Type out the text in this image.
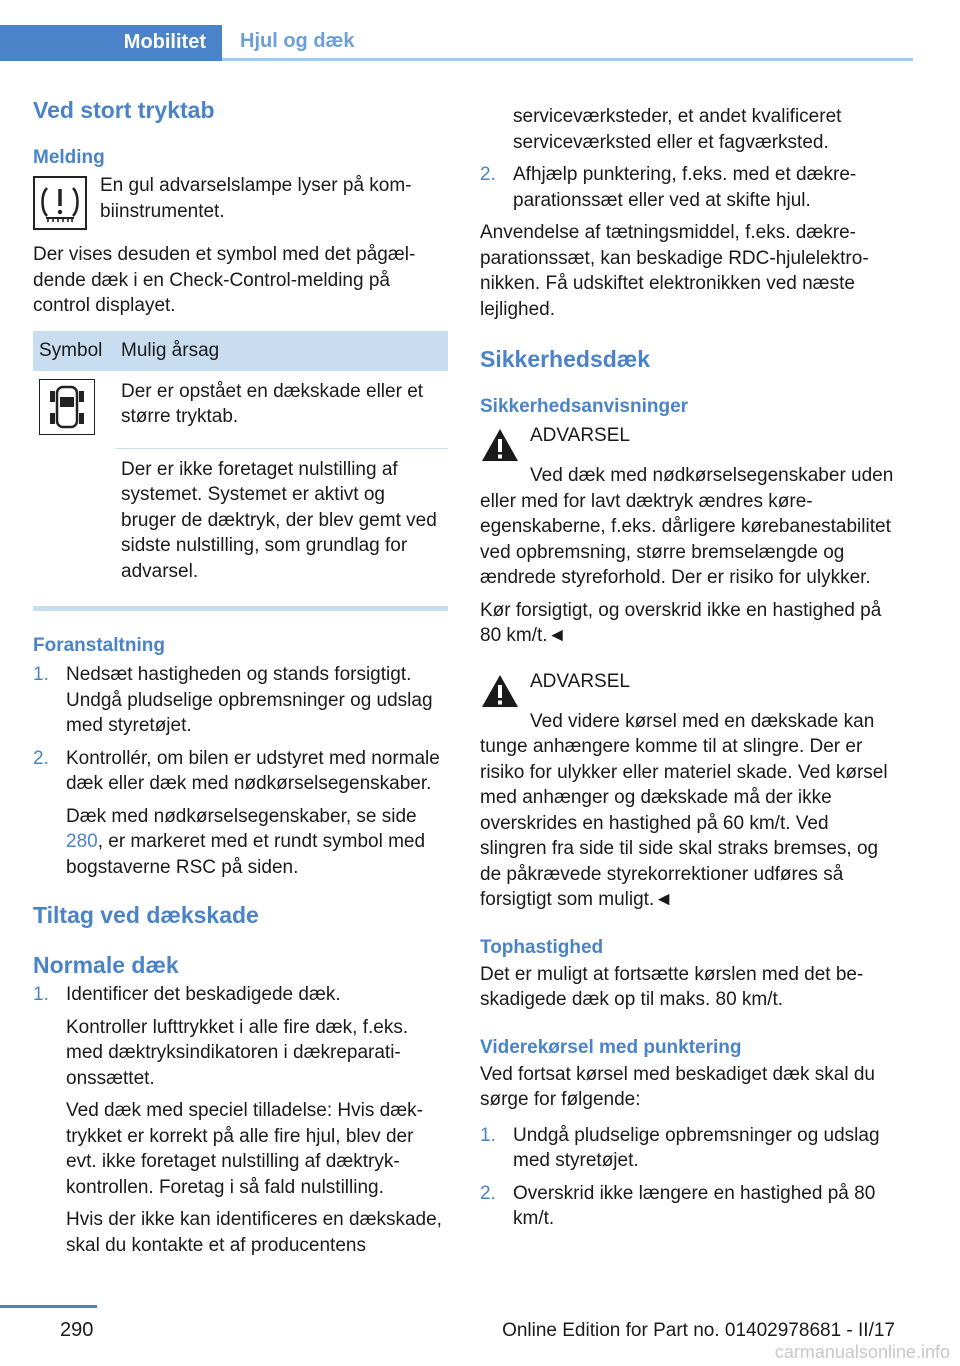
Mobilitet	Hjul og dæk
Ved stort tryktab
Melding

En gul advarselslampe lyser på kombiinstrumentet.

Der vises desuden et symbol med det pågældende dæk i en Check-Control-melding på control displayet.

Symbol	Mulig årsag

	Der er opstået en dækskade eller et større tryktab.
	Der er ikke foretaget nulstilling af systemet. Systemet er aktivt og bruger de dæktryk, der blev gemt ved sidste nulstilling, som grundlag for advarsel.
Foranstaltning
1. Nedsæt hastigheden og stands forsigtigt. Undgå pludselige opbremsninger og udslag med styretøjet.
2. Kontrollér, om bilen er udstyret med normale dæk eller dæk med nødkørselsegenskaber.
Dæk med nødkørselsegenskaber, se side 280, er markeret med et rundt symbol med bogstaverne RSC på siden.
Tiltag ved dækskade
Normale dæk
1. Identificer det beskadigede dæk.
Kontroller lufttrykket i alle fire dæk, f.eks. med dæktryksindikatoren i dækreparationssættet.
Ved dæk med speciel tilladelse: Hvis dæktrykket er korrekt på alle fire hjul, blev der evt. ikke foretaget nulstilling af dæktrykkontrollen. Foretag i så fald nulstilling.
Hvis der ikke kan identificeres en dækskade, skal du kontakte et af producentens
serviceværksteder, et andet kvalificeret serviceværksted eller et fagværksted.
2. Afhjælp punktering, f.eks. med et dækreparationssæt eller ved at skifte hjul.

Anvendelse af tætningsmiddel, f.eks. dækreparationssæt, kan beskadige RDC-hjulelektronikken. Få udskiftet elektronikken ved næste lejlighed.

Sikkerhedsdæk
Sikkerhedsanvisninger
ADVARSEL

Ved dæk med nødkørselsegenskaber uden eller med for lavt dæktryk ændres køreegenskaberne, f.eks. dårligere kørebanestabilitet ved opbremsning, større bremselængde og ændrede styreforhold. Der er risiko for ulykker.

Kør forsigtigt, og overskrid ikke en hastighed på 80 km/t.◄

ADVARSEL

Ved videre kørsel med en dækskade kan tunge anhængere komme til at slingre. Der er risiko for ulykker eller materiel skade. Ved kørsel med anhænger og dækskade må der ikke overskrides en hastighed på 60 km/t. Ved slingren fra side til side skal straks bremses, og de påkrævede styrekorrektioner udføres så forsigtigt som muligt.◄

Tophastighed

Det er muligt at fortsætte kørslen med det beskadigede dæk op til maks. 80 km/t.

Viderekørsel med punktering

Ved fortsat kørsel med beskadiget dæk skal du sørge for følgende:

1. Undgå pludselige opbremsninger og udslag med styretøjet.
2. Overskrid ikke længere en hastighed på 80 km/t.
290	Online Edition for Part no. 01402978681 - II/17
carmanualsonline.info
